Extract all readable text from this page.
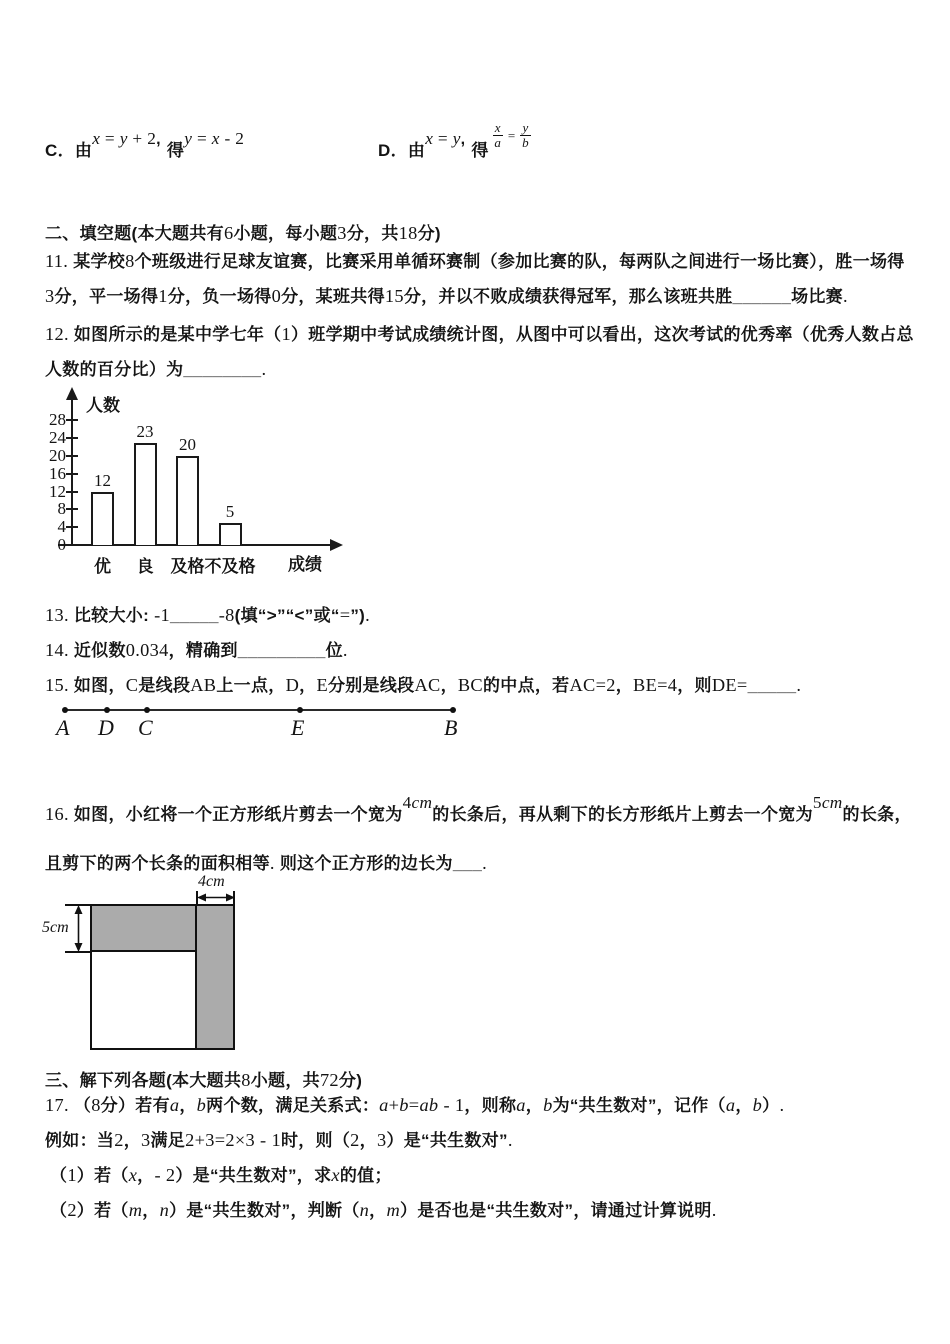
C．由x = y + 2,得y = x - 2
D．由x = y,得 $\frac{x}{a} = \frac{y}{b}$
二、填空题(本大题共有6小题，每小题3分，共18分)
11. 某学校8个班级进行足球友谊赛，比赛采用单循环赛制（参加比赛的队，每两队之间进行一场比赛），胜一场得
3分，平一场得1分，负一场得0分，某班共得15分，并以不败成绩获得冠军，那么该班共胜______场比赛.
12. 如图所示的是某中学七年（1）班学期中考试成绩统计图，从图中可以看出，这次考试的优秀率（优秀人数占总
人数的百分比）为________.
人数
成绩
28
24
20
16
12
8
4
0
12
优
23
良
20
及格
5
不及格
13. 比较大小: -1_____-8(填“>”“<”或“=”).
14. 近似数0.034，精确到_________位.
15. 如图，C是线段AB上一点，D，E分别是线段AC，BC的中点，若AC=2，BE=4，则DE=_____.
A D C	E	B
16. 如图，小红将一个正方形纸片剪去一个宽为4cm的长条后，再从剩下的长方形纸片上剪去一个宽为5cm的长条，
且剪下的两个长条的面积相等. 则这个正方形的边长为___.
4cm
5cm
三、解下列各题(本大题共8小题，共72分)
17. （8分）若有a，b两个数，满足关系式：a+b=ab - 1，则称a，b为“共生数对”，记作（a，b）.
例如：当2，3满足2+3=2×3 - 1时，则（2，3）是“共生数对”.
（1）若（x，- 2）是“共生数对”，求x的值；
（2）若（m，n）是“共生数对”，判断（n，m）是否也是“共生数对”，请通过计算说明.
